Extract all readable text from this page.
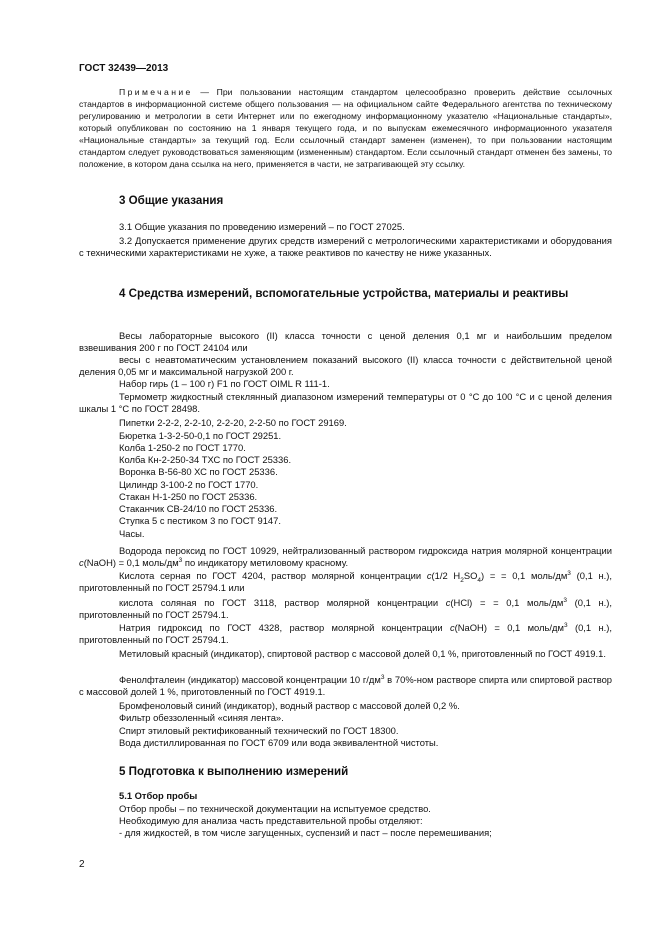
ГОСТ 32439—2013

Примечание — При пользовании настоящим стандартом целесообразно проверить действие ссылочных стандартов в информационной системе общего пользования — на официальном сайте Федерального агентства по техническому регулированию и метрологии в сети Интернет или по ежегодному информационному указателю «Национальные стандарты», который опубликован по состоянию на 1 января текущего года, и по выпускам ежемесячного информационного указателя «Национальные стандарты» за текущий год. Если ссылочный стандарт заменен (изменен), то при пользовании настоящим стандартом следует руководствоваться заменяющим (измененным) стандартом. Если ссылочный стандарт отменен без замены, то положение, в котором дана ссылка на него, применяется в части, не затрагивающей эту ссылку.

3 Общие указания

3.1 Общие указания по проведению измерений – по ГОСТ 27025.

3.2 Допускается применение других средств измерений с метрологическими характеристиками и оборудования с техническими характеристиками не хуже, а также реактивов по качеству не ниже указанных.

4 Средства измерений, вспомогательные устройства, материалы и реактивы

Весы лабораторные высокого (II) класса точности с ценой деления 0,1 мг и наибольшим пределом взвешивания 200 г по ГОСТ 24104 или

весы с неавтоматическим установлением показаний высокого (II) класса точности с действительной ценой деления 0,05 мг и максимальной нагрузкой 200 г.

Набор гирь (1 – 100 г) F1 по ГОСТ OIML R 111-1.

Термометр жидкостный стеклянный диапазоном измерений температуры от 0 °С до 100 °С и с ценой деления шкалы 1 °С по ГОСТ 28498.

Пипетки 2-2-2, 2-2-10, 2-2-20, 2-2-50 по ГОСТ 29169.
Бюретка 1-3-2-50-0,1 по ГОСТ 29251.
Колба 1-250-2 по ГОСТ 1770.
Колба Кн-2-250-34 ТХС по ГОСТ 25336.
Воронка В-56-80 ХС по ГОСТ 25336.
Цилиндр 3-100-2 по ГОСТ 1770.
Стакан Н-1-250 по ГОСТ 25336.
Стаканчик СВ-24/10 по ГОСТ 25336.
Ступка 5 с пестиком 3 по ГОСТ 9147.
Часы.

Водорода пероксид по ГОСТ 10929, нейтрализованный раствором гидроксида натрия молярной концентрации с(NaOH) = 0,1 моль/$дм^3$ по индикатору метиловому красному.

Кислота серная по ГОСТ 4204, раствор молярной концентрации с(1/2 $H_2SO_4$) = = 0,1 моль/$дм^3$ (0,1 н.), приготовленный по ГОСТ 25794.1 или

кислота соляная по ГОСТ 3118, раствор молярной концентрации с(HCl) = = 0,1 моль/$дм^3$ (0,1 н.), приготовленный по ГОСТ 25794.1.

Натрия гидроксид по ГОСТ 4328, раствор молярной концентрации с(NaOH) = 0,1 моль/$дм^3$ (0,1 н.), приготовленный по ГОСТ 25794.1.

Метиловый красный (индикатор), спиртовой раствор с массовой долей 0,1 %, приготовленный по ГОСТ 4919.1.

Фенолфталеин (индикатор) массовой концентрации 10 $г/дм^3$ в 70%-ном растворе спирта или спиртовой раствор с массовой долей 1 %, приготовленный по ГОСТ 4919.1.

Бромфеноловый синий (индикатор), водный раствор с массовой долей 0,2 %.

Фильтр обеззоленный «синяя лента».

Спирт этиловый ректификованный технический по ГОСТ 18300.

Вода дистиллированная по ГОСТ 6709 или вода эквивалентной чистоты.

5 Подготовка к выполнению измерений

5.1 Отбор пробы
Отбор пробы – по технической документации на испытуемое средство.
Необходимую для анализа часть представительной пробы отделяют:
- для жидкостей, в том числе загущенных, суспензий и паст – после перемешивания;
2
